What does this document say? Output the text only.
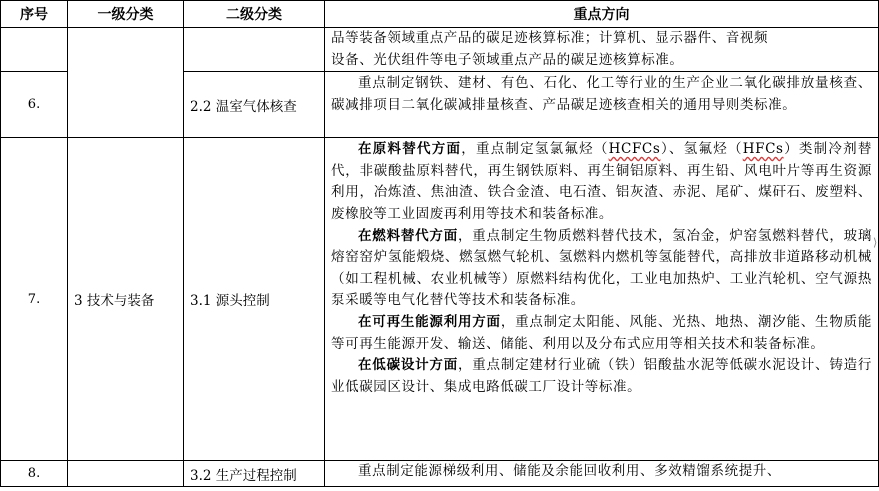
序号	一级分类	二级分类	重点方向

			品等装备领域重点产品的碳足迹核算标准；计算机、显示器件、音视频
设备、光伏组件等电子领域重点产品的碳足迹核算标准。

6.		2.2 温室气体核查	重点制定钢铁、建材、有色、石化、化工等行业的生产企业二氧化碳排放量核查、碳减排项目二氧化碳减排量核查、产品碳足迹核查相关的通用导则类标准。

7.	3 技术与装备	3.1 源头控制	在原料替代方面，重点制定氢氯氟烃（HCFCs）、氢氟烃（HFCs）类制冷剂替代，非碳酸盐原料替代，再生钢铁原料、再生铜铝原料、再生铅、风电叶片等再生资源利用，冶炼渣、焦油渣、铁合金渣、电石渣、铝灰渣、赤泥、尾矿、煤矸石、废塑料、废橡胶等工业固废再利用等技术和装备标准。

在燃料替代方面，重点制定生物质燃料替代技术，氢冶金，炉窑氢燃料替代，玻璃熔窑窑炉氢能煅烧、燃氢燃气轮机、氢燃料内燃机等氢能替代，高排放非道路移动机械（如工程机械、农业机械等）原燃料结构优化，工业电加热炉、工业汽轮机、空气源热泵采暖等电气化替代等技术和装备标准。

在可再生能源利用方面，重点制定太阳能、风能、光热、地热、潮汐能、生物质能等可再生能源开发、输送、储能、利用以及分布式应用等相关技术和装备标准。

在低碳设计方面，重点制定建材行业硫（铁）铝酸盐水泥等低碳水泥设计、铸造行业低碳园区设计、集成电路低碳工厂设计等标准。

8.		3.2 生产过程控制	重点制定能源梯级利用、储能及余能回收利用、多效精馏系统提升、
⟩
